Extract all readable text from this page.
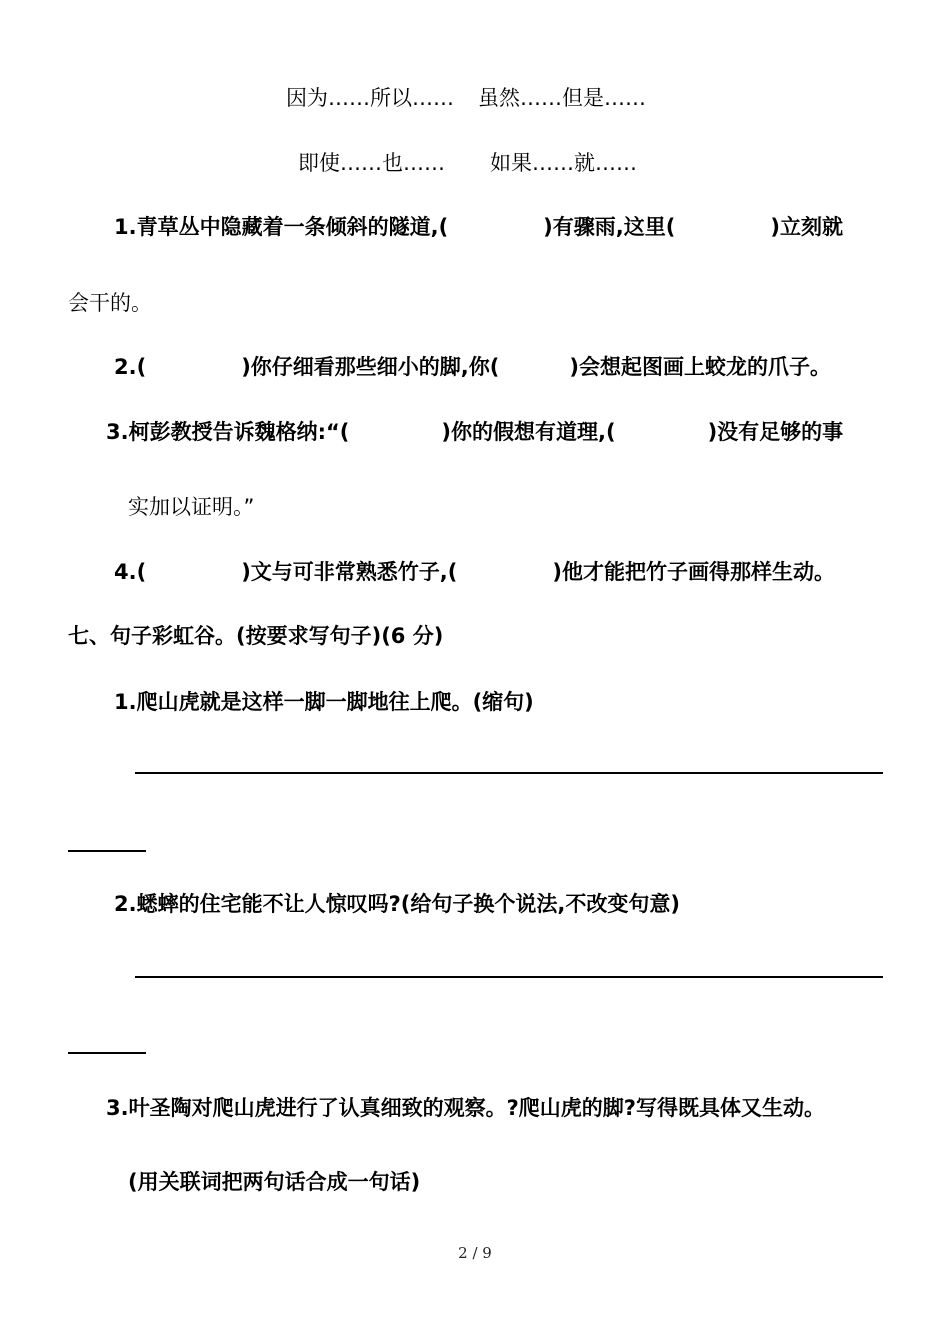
因为……所以…… 虽然……但是……
即使……也…… 如果……就……
1.青草丛中隐藏着一条倾斜的隧道,(	)有骤雨,这里(	)立刻就
会干的。
2.(	)你仔细看那些细小的脚,你(	)会想起图画上蛟龙的爪子。
3.柯彭教授告诉魏格纳:“(	)你的假想有道理,(	)没有足够的事
实加以证明。”
4.(	)文与可非常熟悉竹子,(	)他才能把竹子画得那样生动。
七、句子彩虹谷。(按要求写句子)(6 分)
1.爬山虎就是这样一脚一脚地往上爬。(缩句)
2.蟋蟀的住宅能不让人惊叹吗?(给句子换个说法,不改变句意)
3.叶圣陶对爬山虎进行了认真细致的观察。?爬山虎的脚?写得既具体又生动。
(用关联词把两句话合成一句话)
2 / 9
